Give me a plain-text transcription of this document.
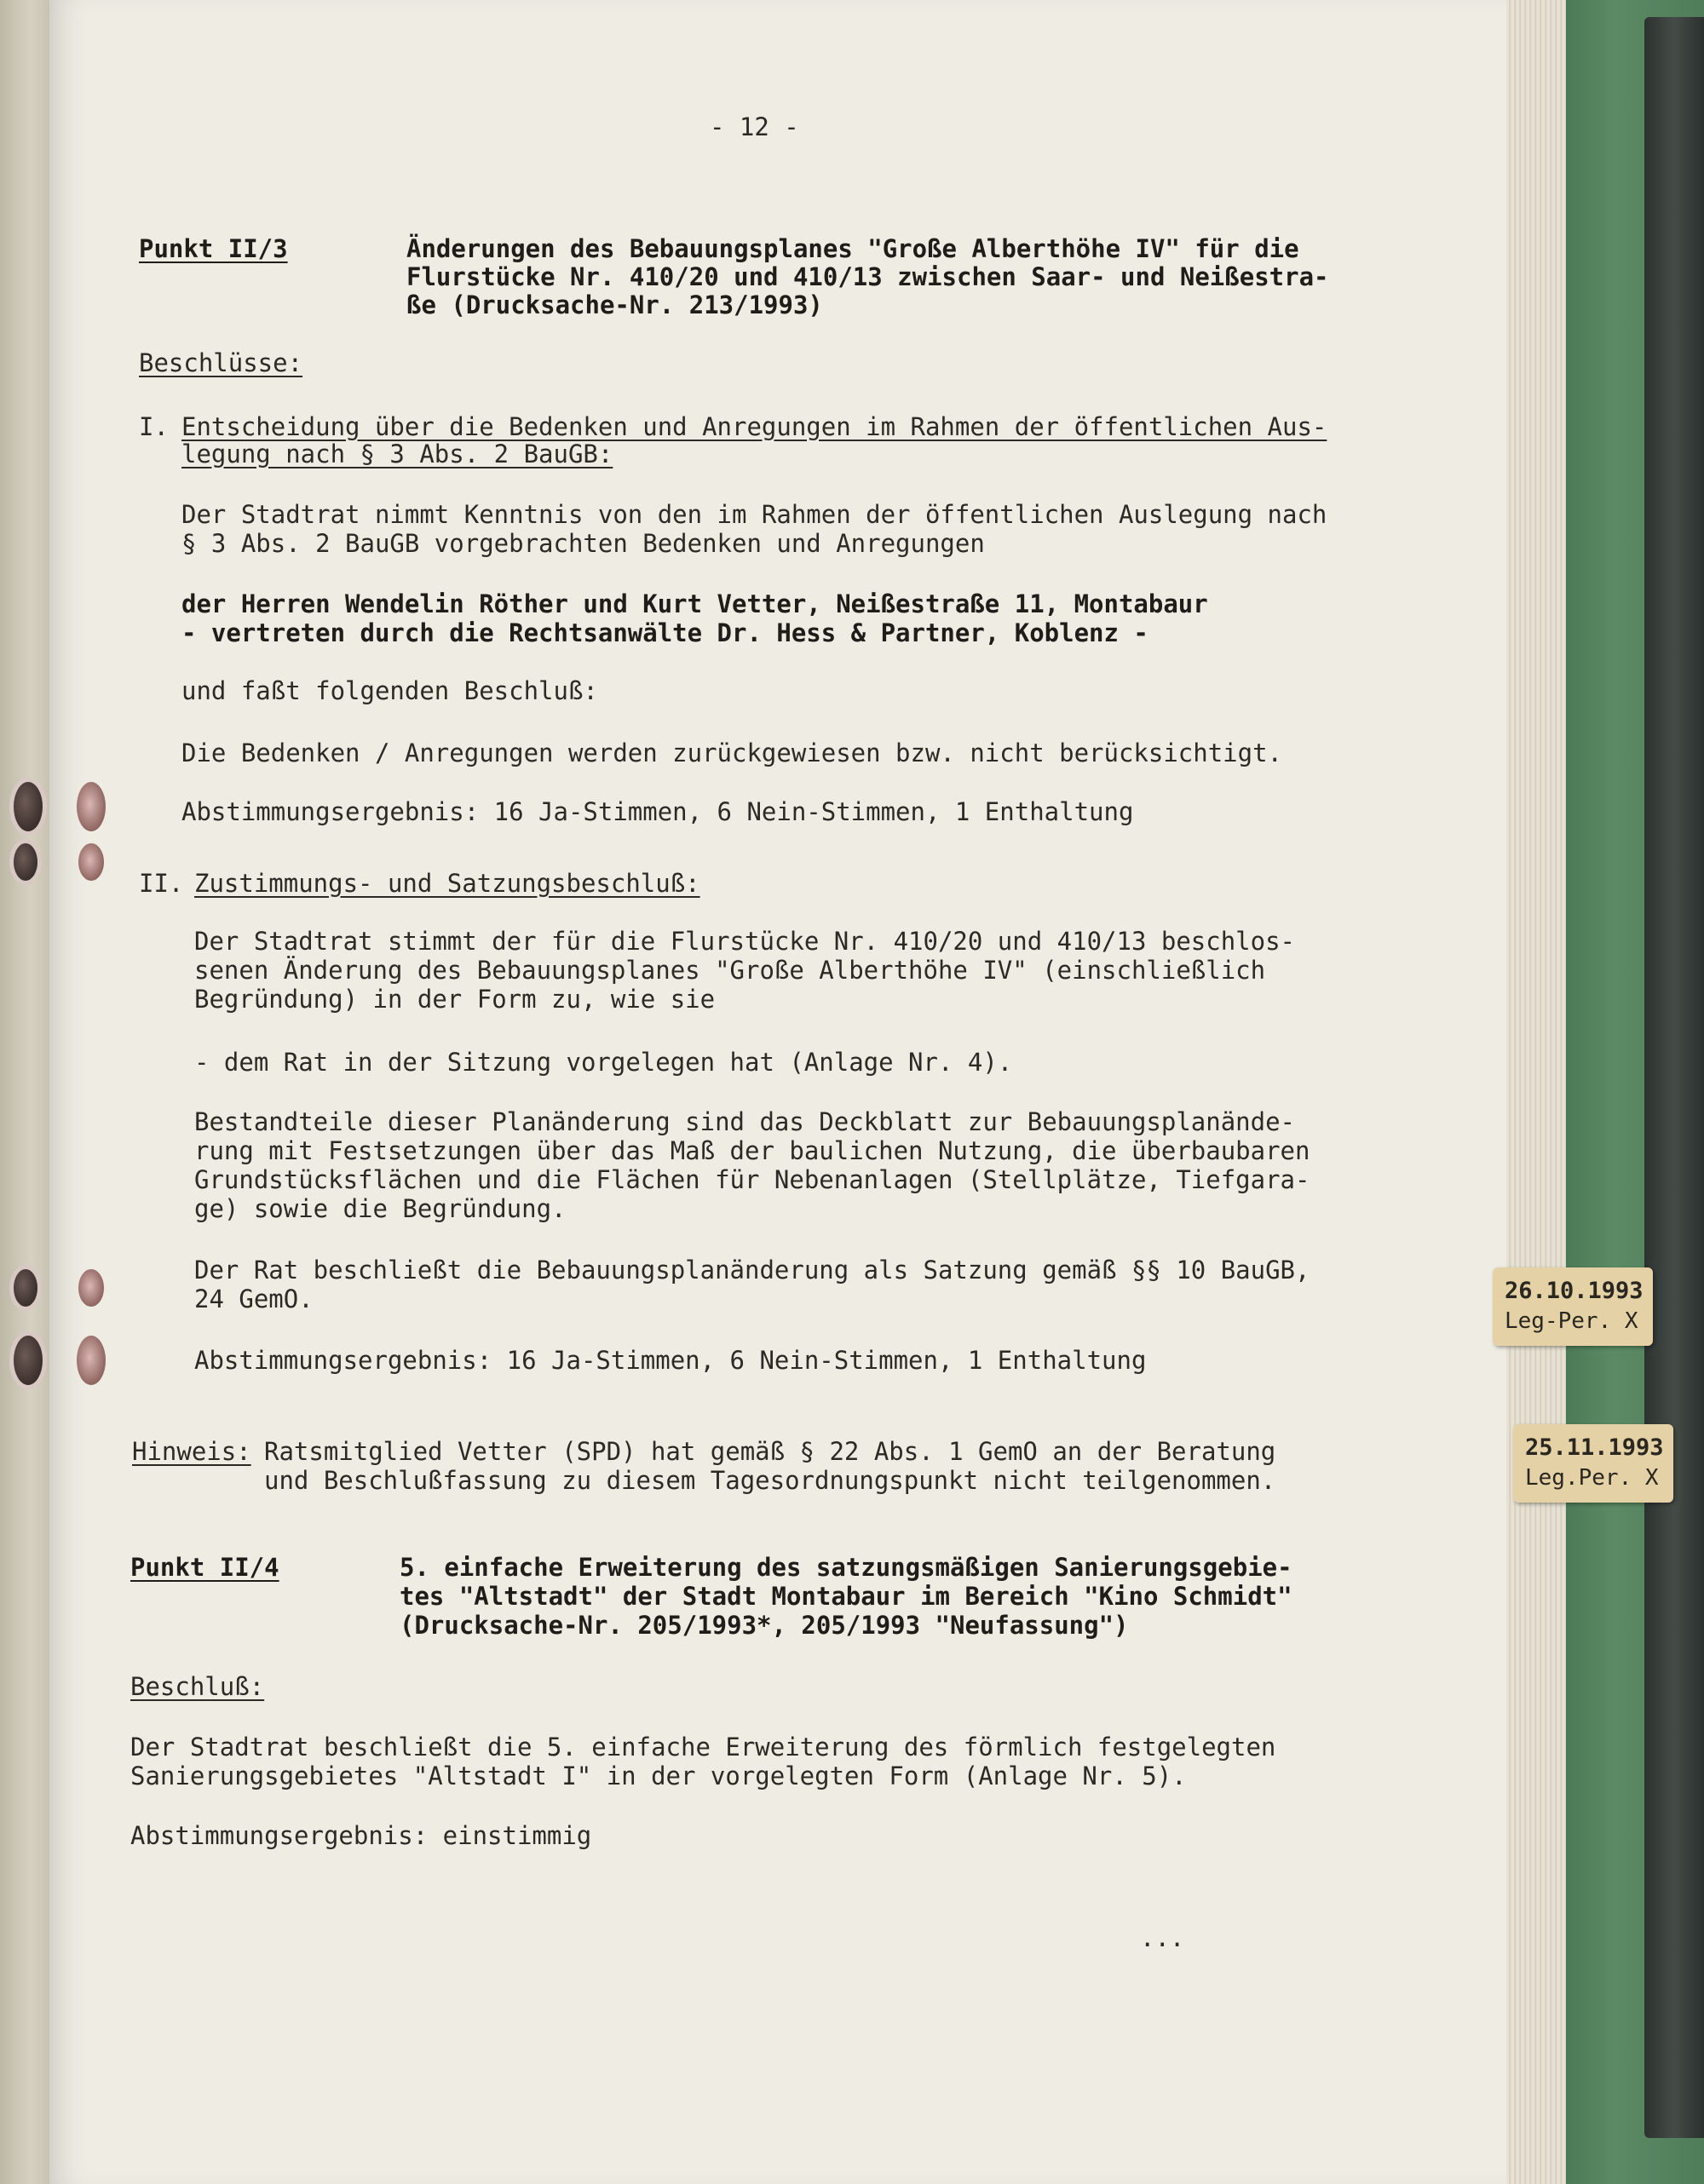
- 12 -

Punkt II/3	Änderungen des Bebauungsplanes "Große Alberthöhe IV" für die

Flurstücke Nr. 410/20 und 410/13 zwischen Saar- und Neißestra-

ße (Drucksache-Nr. 213/1993)

Beschlüsse:

I. Entscheidung über die Bedenken und Anregungen im Rahmen der öffentlichen Aus-

legung nach § 3 Abs. 2 BauGB:

Der Stadtrat nimmt Kenntnis von den im Rahmen der öffentlichen Auslegung nach

§ 3 Abs. 2 BauGB vorgebrachten Bedenken und Anregungen

der Herren Wendelin Röther und Kurt Vetter, Neißestraße 11, Montabaur

- vertreten durch die Rechtsanwälte Dr. Hess & Partner, Koblenz -

und faßt folgenden Beschluß:

Die Bedenken / Anregungen werden zurückgewiesen bzw. nicht berücksichtigt.

Abstimmungsergebnis: 16 Ja-Stimmen, 6 Nein-Stimmen, 1 Enthaltung

II. Zustimmungs- und Satzungsbeschluß:

Der Stadtrat stimmt der für die Flurstücke Nr. 410/20 und 410/13 beschlos-

senen Änderung des Bebauungsplanes "Große Alberthöhe IV" (einschließlich

Begründung) in der Form zu, wie sie

- dem Rat in der Sitzung vorgelegen hat (Anlage Nr. 4).

Bestandteile dieser Planänderung sind das Deckblatt zur Bebauungsplanände-

rung mit Festsetzungen über das Maß der baulichen Nutzung, die überbaubaren

Grundstücksflächen und die Flächen für Nebenanlagen (Stellplätze, Tiefgara-

ge) sowie die Begründung.

Der Rat beschließt die Bebauungsplanänderung als Satzung gemäß §§ 10 BauGB,

24 GemO.

Abstimmungsergebnis: 16 Ja-Stimmen, 6 Nein-Stimmen, 1 Enthaltung

Hinweis: Ratsmitglied Vetter (SPD) hat gemäß § 22 Abs. 1 GemO an der Beratung

und Beschlußfassung zu diesem Tagesordnungspunkt nicht teilgenommen.

Punkt II/4	5. einfache Erweiterung des satzungsmäßigen Sanierungsgebie-

tes "Altstadt" der Stadt Montabaur im Bereich "Kino Schmidt"

(Drucksache-Nr. 205/1993*, 205/1993 "Neufassung")

Beschluß:

Der Stadtrat beschließt die 5. einfache Erweiterung des förmlich festgelegten

Sanierungsgebietes "Altstadt I" in der vorgelegten Form (Anlage Nr. 5).

Abstimmungsergebnis: einstimmig

...

26.10.1993
Leg-Per. X
25.11.1993
Leg.Per. X
